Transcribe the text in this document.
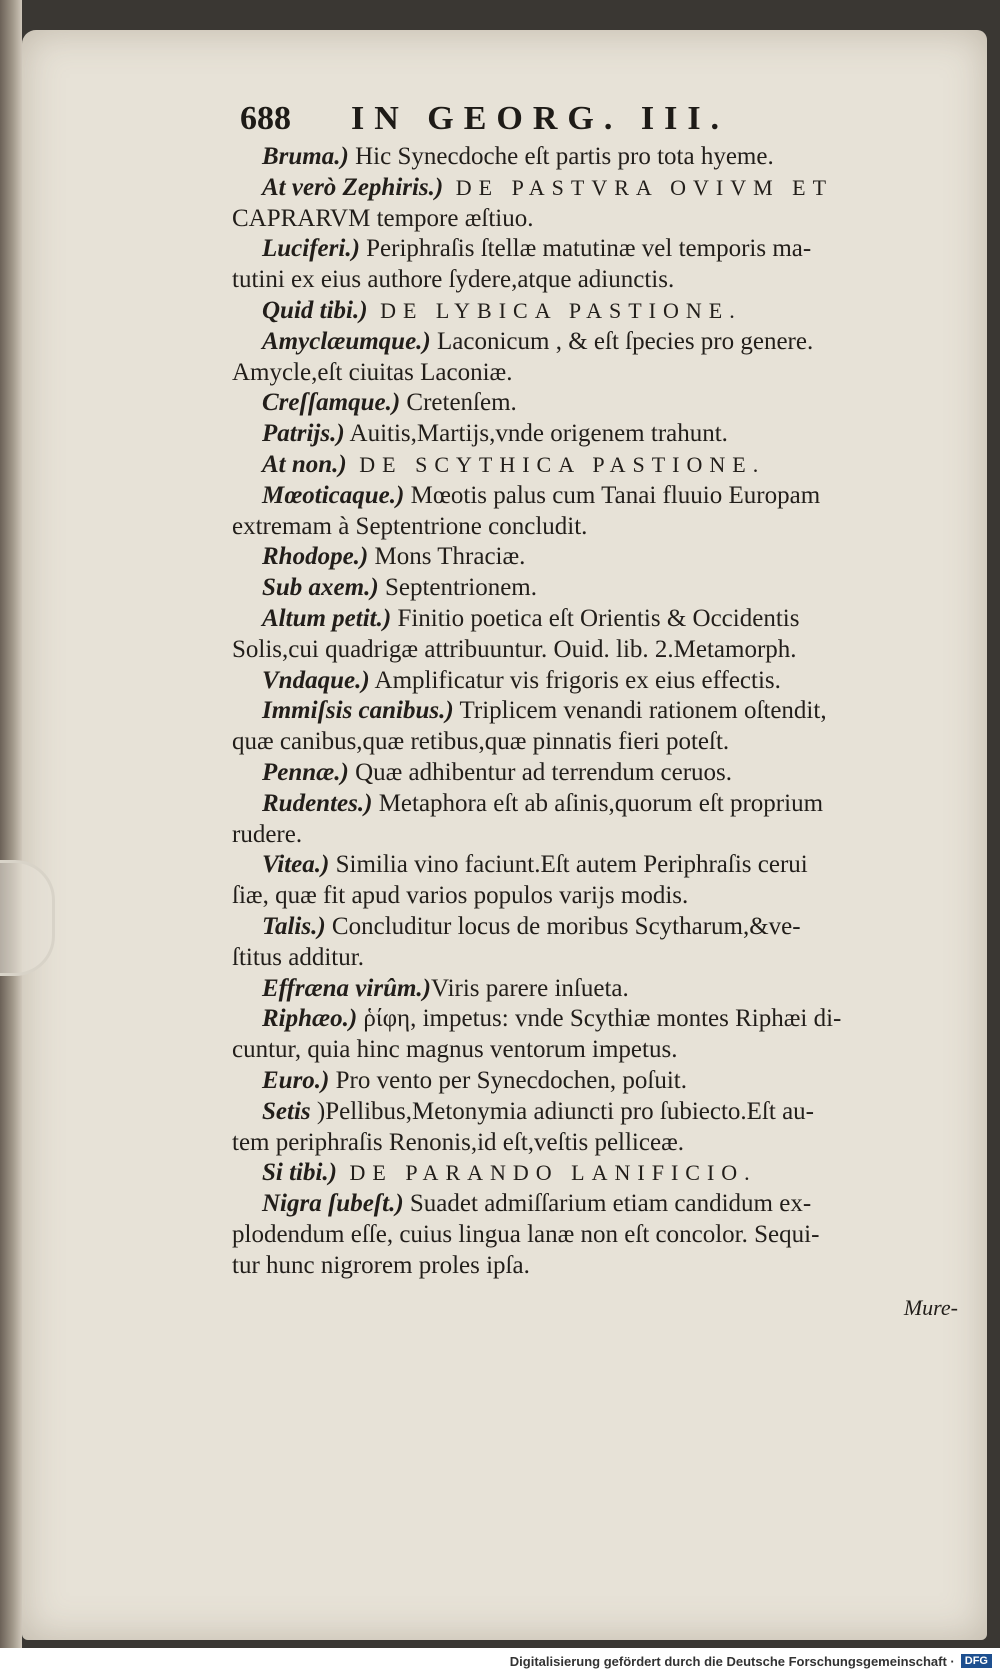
688 IN GEORG. III.
Bruma.) Hic Synecdoche eſt partis pro tota hyeme.
At verò Zephiris.) DE PASTVRA OVIVM ET
CAPRARVM tempore æſtiuo.
Luciferi.) Periphraſis ſtellæ matutinæ vel temporis ma-
tutini ex eius authore ſydere,atque adiunctis.
Quid tibi.) DE LYBICA PASTIONE.
Amyclæumque.) Laconicum , & eſt ſpecies pro genere.
Amycle,eſt ciuitas Laconiæ.
Creſſamque.) Cretenſem.
Patrijs.) Auitis,Martijs,vnde origenem trahunt.
At non.) DE SCYTHICA PASTIONE.
Mœoticaque.) Mœotis palus cum Tanai fluuio Europam
extremam à Septentrione concludit.
Rhodope.) Mons Thraciæ.
Sub axem.) Septentrionem.
Altum petit.) Finitio poetica eſt Orientis & Occidentis
Solis,cui quadrigæ attribuuntur. Ouid. lib. 2.Metamorph.
Vndaque.) Amplificatur vis frigoris ex eius effectis.
Immiſsis canibus.) Triplicem venandi rationem oſtendit,
quæ canibus,quæ retibus,quæ pinnatis fieri poteſt.
Pennæ.) Quæ adhibentur ad terrendum ceruos.
Rudentes.) Metaphora eſt ab aſinis,quorum eſt proprium
rudere.
Vitea.) Similia vino faciunt.Eſt autem Periphraſis cerui
ſiæ, quæ fit apud varios populos varijs modis.
Talis.) Concluditur locus de moribus Scytharum,&ve-
ſtitus additur.
Effræna virûm.)Viris parere inſueta.
Riphæo.) ῥίφη, impetus: vnde Scythiæ montes Riphæi di-
cuntur, quia hinc magnus ventorum impetus.
Euro.) Pro vento per Synecdochen, poſuit.
Setis )Pellibus,Metonymia adiuncti pro ſubiecto.Eſt au-
tem periphraſis Renonis,id eſt,veſtis pelliceæ.
Si tibi.) DE PARANDO LANIFICIO.
Nigra ſubeſt.) Suadet admiſſarium etiam candidum ex-
plodendum eſſe, cuius lingua lanæ non eſt concolor. Sequi-
tur hunc nigrorem proles ipſa.
Mure-
Digitalisierung gefördert durch die Deutsche Forschungsgemeinschaft · DFG
